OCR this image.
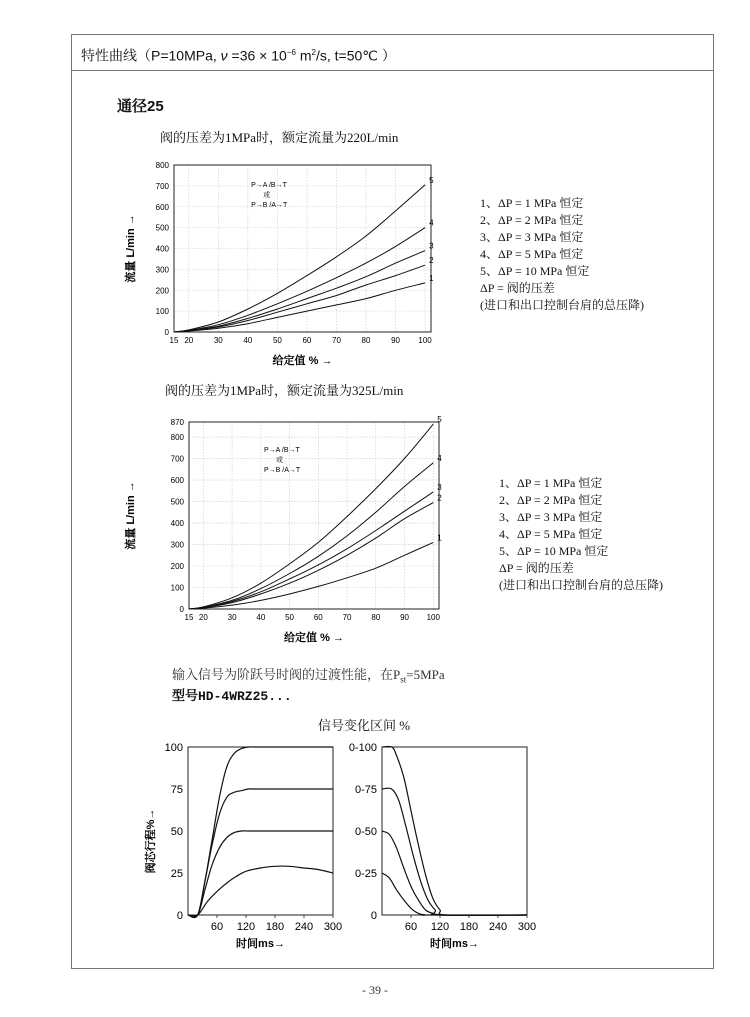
特性曲线（P=10MPa, $\nu =36 \times 10^{-6}$ $m^2/s$, t=50℃ ）
通径25
阀的压差为1MPa时，额定流量为220L/min
15 20	30	40	50	60	70	80	90 100
0
100
200
300
400
500
600
700
800
1
2
3
4
5
P→A /B→T
或
P→B /A→T
给定值 % →
流量 L/min →
1、ΔP = 1 MPa 恒定
2、ΔP = 2 MPa 恒定
3、ΔP = 3 MPa 恒定
4、ΔP = 5 MPa 恒定
5、ΔP = 10 MPa 恒定
ΔP = 阀的压差
(进口和出口控制台肩的总压降)
阀的压差为1MPa时，额定流量为325L/min
15 20 30 40 50 60 70 80 90 100
0
100
200
300
400
500
600
700
800
870
1
2
3
4
5
P→A /B→T
或
P→B /A→T
给定值 % →
流量 L/min →	1、ΔP = 1 MPa 恒定
2、ΔP = 2 MPa 恒定
3、ΔP = 3 MPa 恒定
4、ΔP = 5 MPa 恒定
5、ΔP = 10 MPa 恒定
ΔP = 阀的压差
(进口和出口控制台肩的总压降)
输入信号为阶跃号时阀的过渡性能，在$P_{st}=5MPa$
型号HD-4WRZ25...
信号变化区间 %
60 120 180 240 300
0
25
50
75
100
时间ms→
阀芯行程%→
60 120 180 240 300
0
0-25
0-50
0-75
0-100
时间ms→
- 39 -
